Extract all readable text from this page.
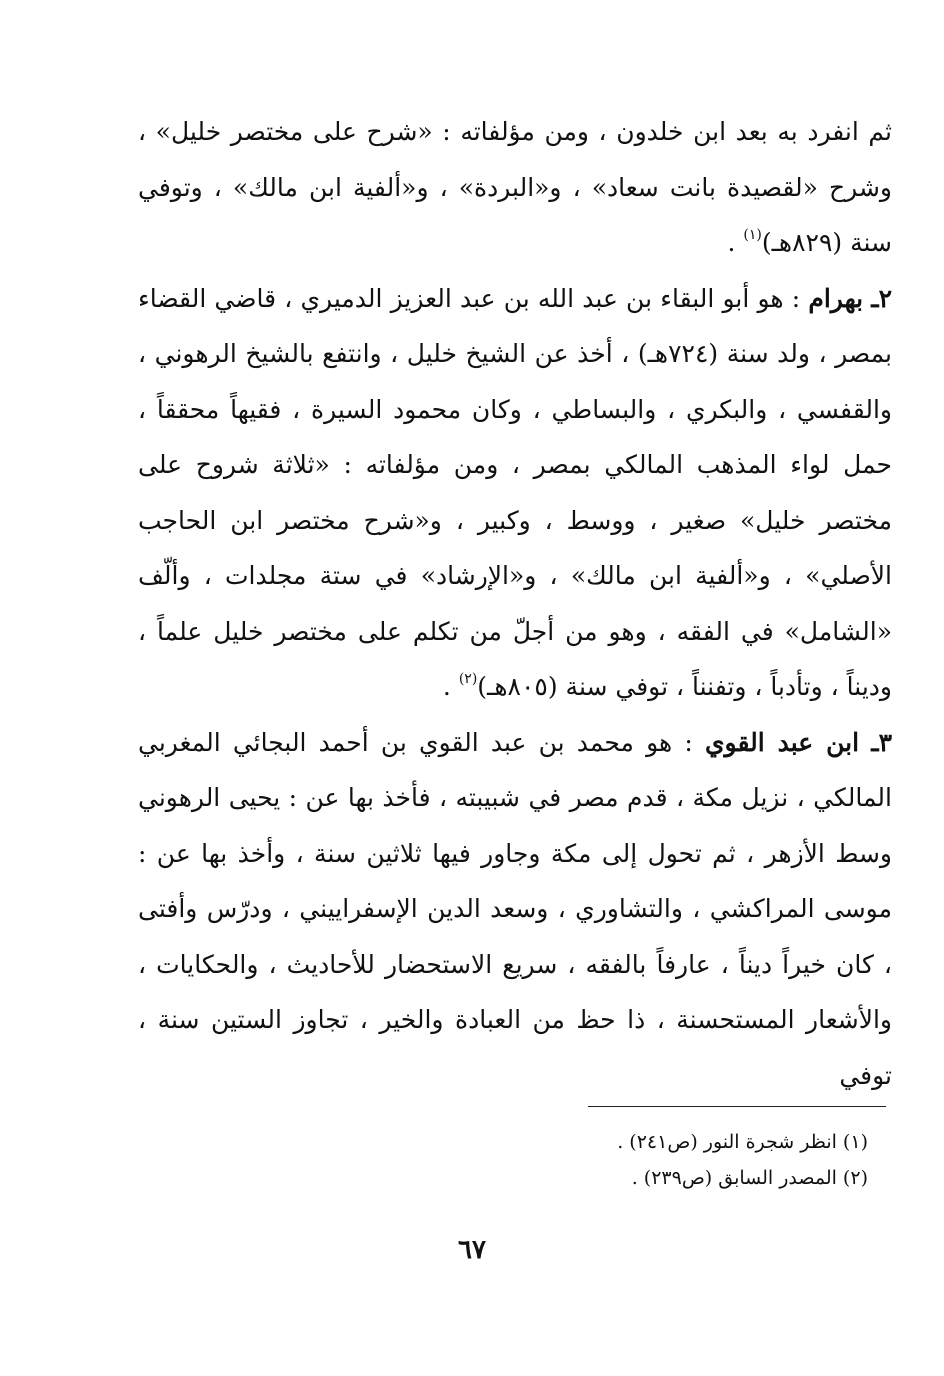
ثم انفرد به بعد ابن خلدون ، ومن مؤلفاته : «شرح على مختصر خليل» ، وشرح «لقصيدة بانت سعاد» ، و«البردة» ، و«ألفية ابن مالك» ، وتوفي سنة (٨٢٩هـ)$^{(١)}$ .

٢ـ بهرام : هو أبو البقاء بن عبد الله بن عبد العزيز الدميري ، قاضي القضاء بمصر ، ولد سنة (٧٢٤هـ) ، أخذ عن الشيخ خليل ، وانتفع بالشيخ الرهوني ، والقفسي ، والبكري ، والبساطي ، وكان محمود السيرة ، فقيهاً محققاً ، حمل لواء المذهب المالكي بمصر ، ومن مؤلفاته : «ثلاثة شروح على مختصر خليل» صغير ، ووسط ، وكبير ، و«شرح مختصر ابن الحاجب الأصلي» ، و«ألفية ابن مالك» ، و«الإرشاد» في ستة مجلدات ، وألّف «الشامل» في الفقه ، وهو من أجلّ من تكلم على مختصر خليل علماً ، وديناً ، وتأدباً ، وتفنناً ، توفي سنة (٨٠٥هـ)$^{(٢)}$ .

٣ـ ابن عبد القوي : هو محمد بن عبد القوي بن أحمد البجائي المغربي المالكي ، نزيل مكة ، قدم مصر في شبيبته ، فأخذ بها عن : يحيى الرهوني وسط الأزهر ، ثم تحول إلى مكة وجاور فيها ثلاثين سنة ، وأخذ بها عن : موسى المراكشي ، والتشاوري ، وسعد الدين الإسفراييني ، ودرّس وأفتى ، كان خيراً ديناً ، عارفاً بالفقه ، سريع الاستحضار للأحاديث ، والحكايات ، والأشعار المستحسنة ، ذا حظ من العبادة والخير ، تجاوز الستين سنة ، توفي

(١) انظر شجرة النور (ص٢٤١) .
(٢) المصدر السابق (ص٢٣٩) .
٦٧
